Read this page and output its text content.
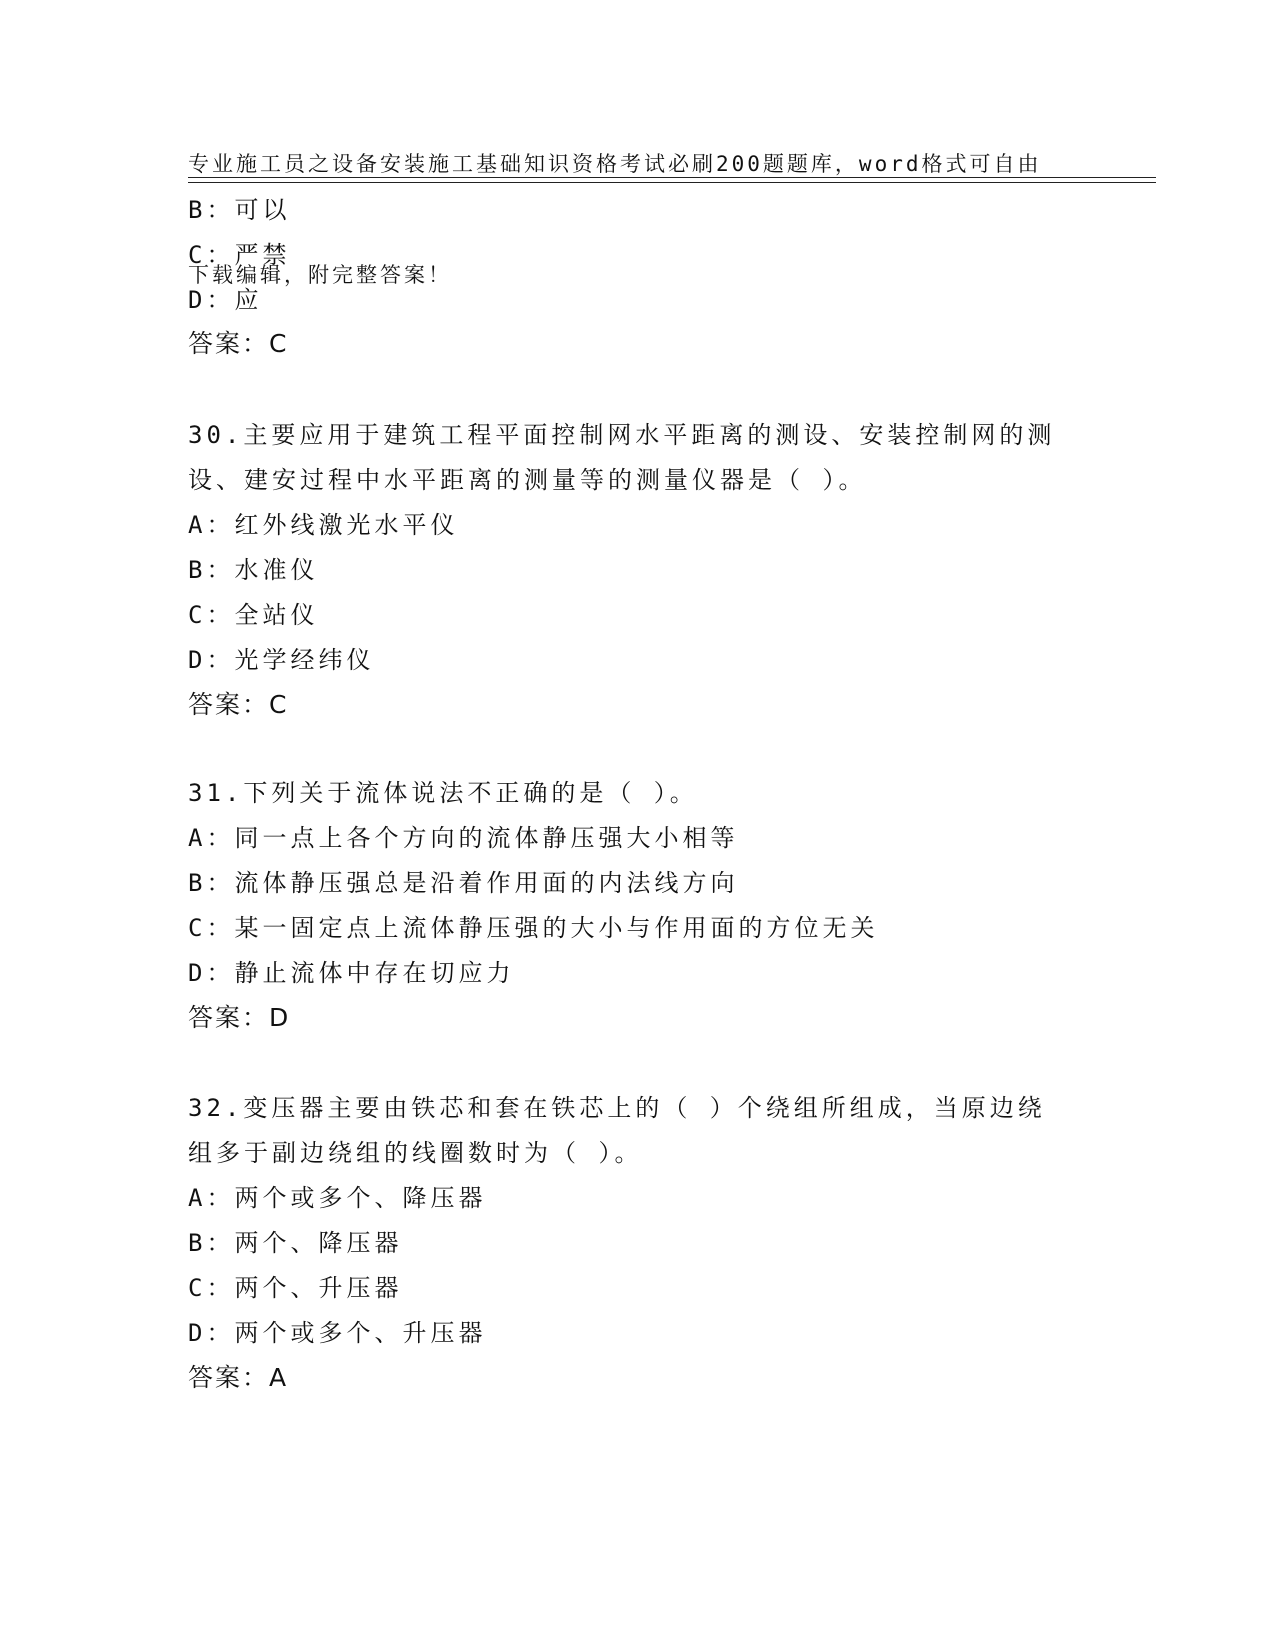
专业施工员之设备安装施工基础知识资格考试必刷200题题库，word格式可自由

下载编辑，附完整答案！

B：可以
C：严禁
D：应
答案：C
30.主要应用于建筑工程平面控制网水平距离的测设、安装控制网的测
设、建安过程中水平距离的测量等的测量仪器是（ ）。
A：红外线激光水平仪
B：水准仪
C：全站仪
D：光学经纬仪
答案：C
31.下列关于流体说法不正确的是（ ）。
A：同一点上各个方向的流体静压强大小相等
B：流体静压强总是沿着作用面的内法线方向
C：某一固定点上流体静压强的大小与作用面的方位无关
D：静止流体中存在切应力
答案：D
32.变压器主要由铁芯和套在铁芯上的（ ）个绕组所组成，当原边绕
组多于副边绕组的线圈数时为（ ）。
A：两个或多个、降压器
B：两个、降压器
C：两个、升压器
D：两个或多个、升压器
答案：A
